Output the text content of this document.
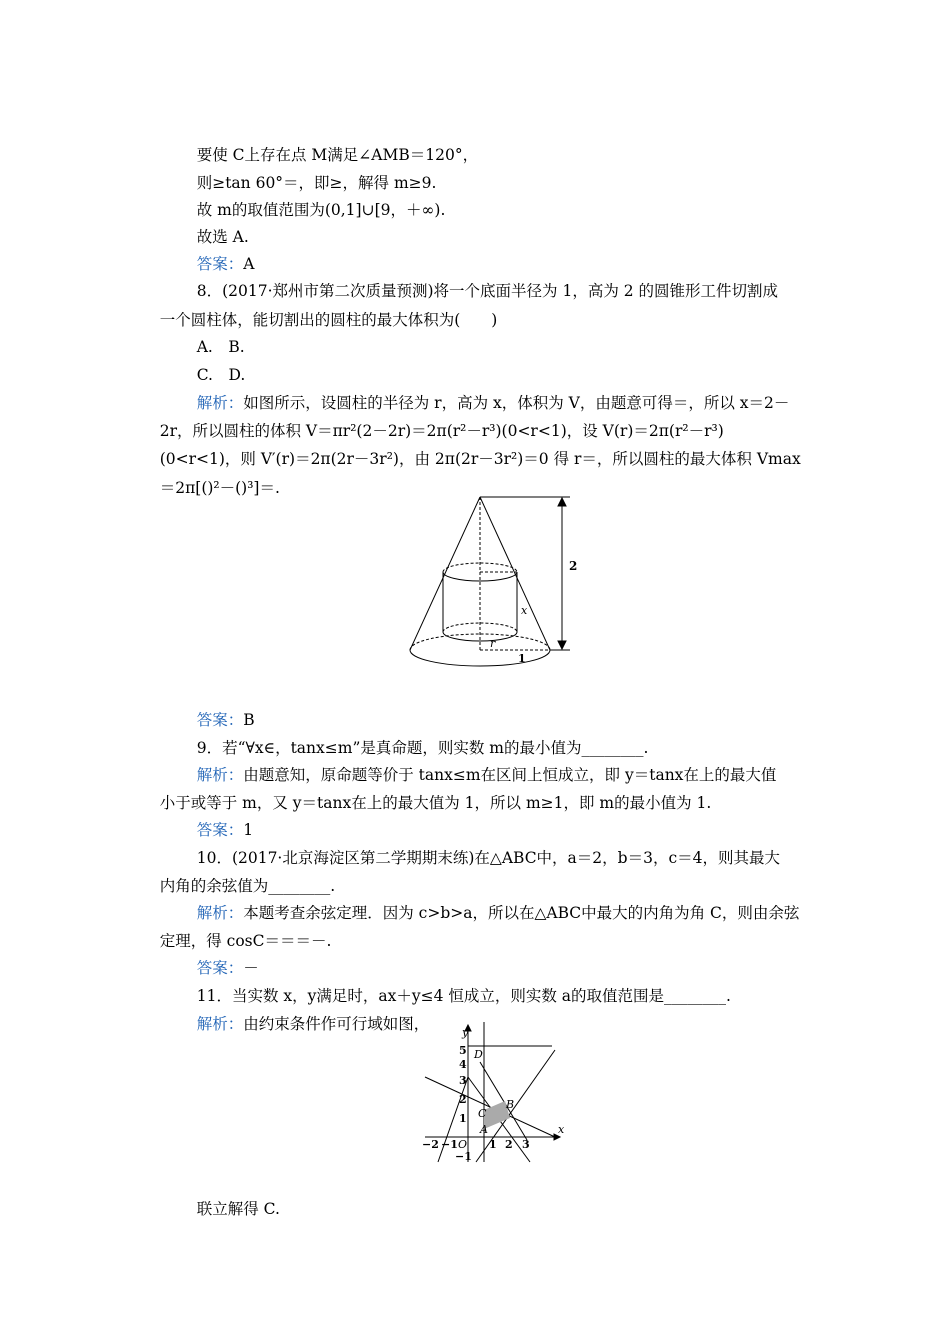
要使 C上存在点 M满足∠AMB＝120°，

则≥tan 60°＝，即≥，解得 m≥9.

故 m的取值范围为(0,1]∪[9，＋∞).

故选 A.

答案：A

8．(2017·郑州市第二次质量预测)将一个底面半径为 1，高为 2 的圆锥形工件切割成

一个圆柱体，能切割出的圆柱的最大体积为(　　)

A.　B.

C.　D.

解析：如图所示，设圆柱的半径为 r，高为 x，体积为 V，由题意可得＝，所以 x＝2－

2r，所以圆柱的体积 V＝πr²(2－2r)＝2π(r²－r³)(0<r<1)，设 V(r)＝2π(r²－r³)

(0<r<1)，则 V′(r)＝2π(2r－3r²)，由 2π(2r－3r²)＝0 得 r＝，所以圆柱的最大体积 Vmax

＝2π[()²－()³]＝.

2
x
r
1

答案：B

9．若“∀x∈，tanx≤m”是真命题，则实数 m的最小值为________.

解析：由题意知，原命题等价于 tanx≤m在区间上恒成立，即 y＝tanx在上的最大值

小于或等于 m，又 y＝tanx在上的最大值为 1，所以 m≥1，即 m的最小值为 1.

答案：1

10．(2017·北京海淀区第二学期期末练)在△ABC中，a＝2，b＝3，c＝4，则其最大

内角的余弦值为________.

解析：本题考查余弦定理．因为 c>b>a，所以在△ABC中最大的内角为角 C，则由余弦

定理，得 cosC＝＝＝－.

答案：－

11．当实数 x，y满足时，ax＋y≤4 恒成立，则实数 a的取值范围是________.

解析：由约束条件作可行域如图，
	y
x
5
4
3
2
1
−1
−2 −1	1 2 3
O
D
C
B
A

联立解得 C.
